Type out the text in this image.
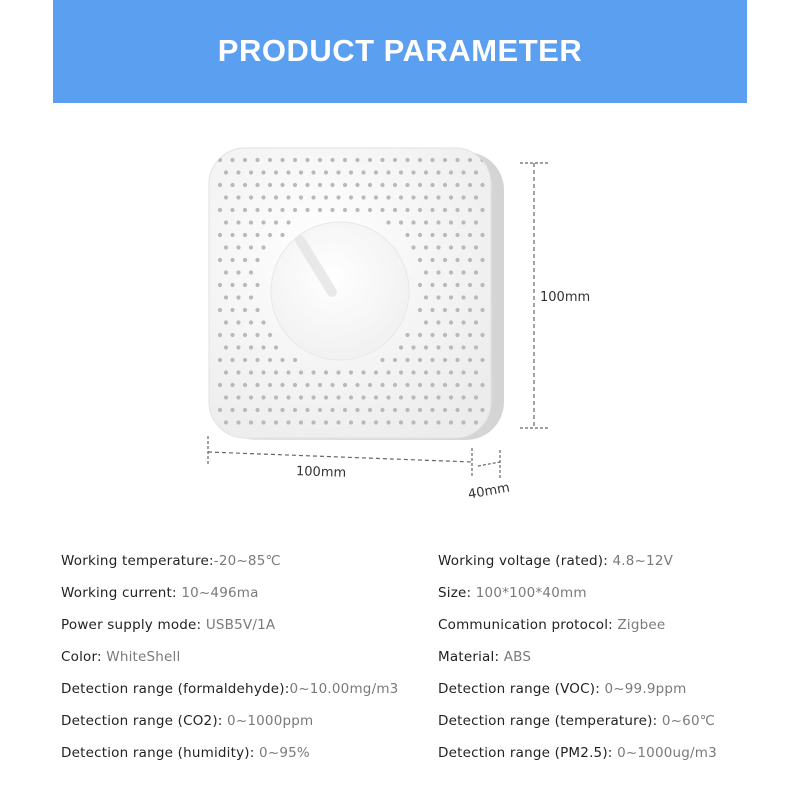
PRODUCT PARAMETER
100mm
100mm
40mm
Working temperature:-20~85℃
Working current: 10~496ma
Power supply mode: USB5V/1A
Color: WhiteShell
Detection range (formaldehyde):0~10.00mg/m3
Detection range (CO2): 0~1000ppm
Detection range (humidity): 0~95%
Working voltage (rated): 4.8~12V
Size: 100*100*40mm
Communication protocol: Zigbee
Material: ABS
Detection range (VOC): 0~99.9ppm
Detection range (temperature): 0~60℃
Detection range (PM2.5): 0~1000ug/m3
